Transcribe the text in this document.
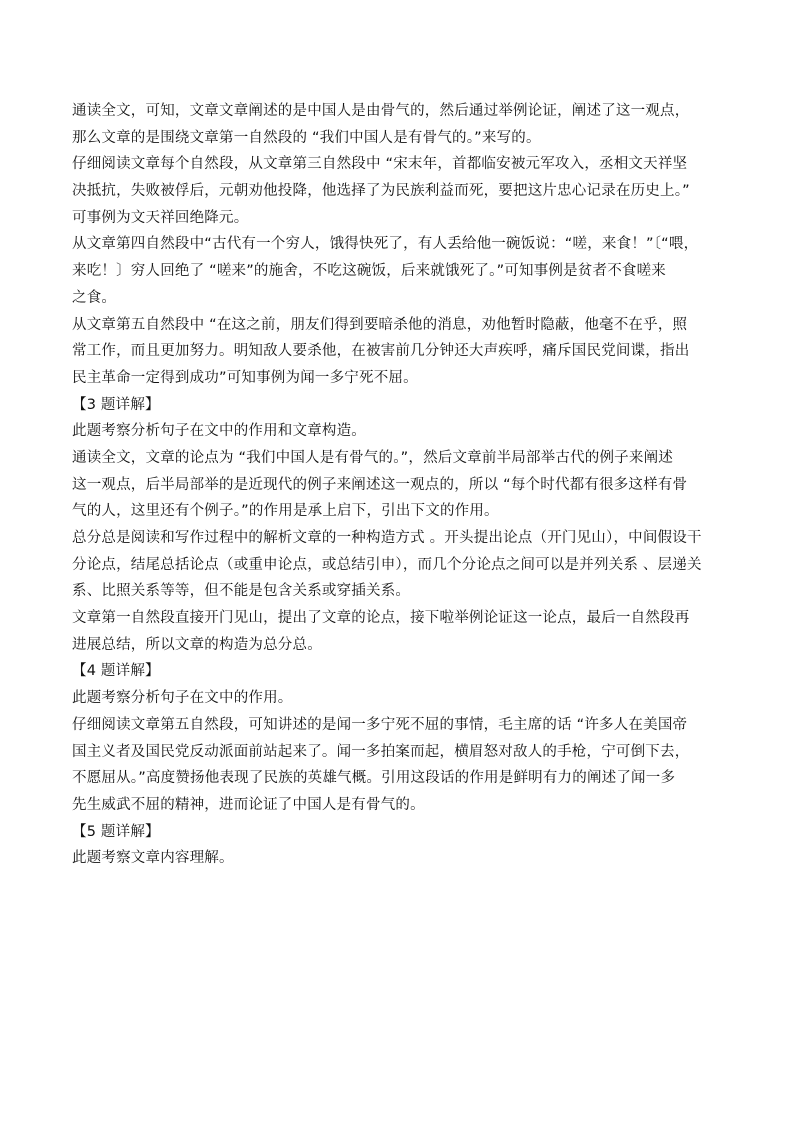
通读全文，可知，文章文章阐述的是中国人是由骨气的，然后通过举例论证，阐述了这一观点，
那么文章的是围绕文章第一自然段的 “我们中国人是有骨气的。”来写的。
仔细阅读文章每个自然段，从文章第三自然段中 “宋末年，首都临安被元军攻入，丞相文天祥坚
决抵抗，失败被俘后，元朝劝他投降，他选择了为民族利益而死，要把这片忠心记录在历史上。”
可事例为文天祥回绝降元。
从文章第四自然段中“古代有一个穷人，饿得快死了，有人丢给他一碗饭说：“嗟，来食！”〔“喂，
来吃！〕穷人回绝了 “嗟来”的施舍，不吃这碗饭，后来就饿死了。”可知事例是贫者不食嗟来
之食。
从文章第五自然段中 “在这之前，朋友们得到要暗杀他的消息，劝他暂时隐蔽，他毫不在乎，照
常工作，而且更加努力。明知敌人要杀他，在被害前几分钟还大声疾呼，痛斥国民党间谍，指出
民主革命一定得到成功”可知事例为闻一多宁死不屈。
【3 题详解】
此题考察分析句子在文中的作用和文章构造。
通读全文，文章的论点为 “我们中国人是有骨气的。”，然后文章前半局部举古代的例子来阐述
这一观点，后半局部举的是近现代的例子来阐述这一观点的，所以 “每个时代都有很多这样有骨
气的人，这里还有个例子。”的作用是承上启下，引出下文的作用。
总分总是阅读和写作过程中的解析文章的一种构造方式 。开头提出论点（开门见山），中间假设干
分论点，结尾总括论点（或重申论点，或总结引申），而几个分论点之间可以是并列关系 、层递关
系、比照关系等等，但不能是包含关系或穿插关系。
文章第一自然段直接开门见山，提出了文章的论点，接下啦举例论证这一论点，最后一自然段再
进展总结，所以文章的构造为总分总。
【4 题详解】
此题考察分析句子在文中的作用。
仔细阅读文章第五自然段，可知讲述的是闻一多宁死不屈的事情，毛主席的话 “许多人在美国帝
国主义者及国民党反动派面前站起来了。闻一多拍案而起，横眉怒对敌人的手枪，宁可倒下去，
不愿屈从。”高度赞扬他表现了民族的英雄气概。引用这段话的作用是鲜明有力的阐述了闻一多
先生威武不屈的精神，进而论证了中国人是有骨气的。
【5 题详解】
此题考察文章内容理解。
